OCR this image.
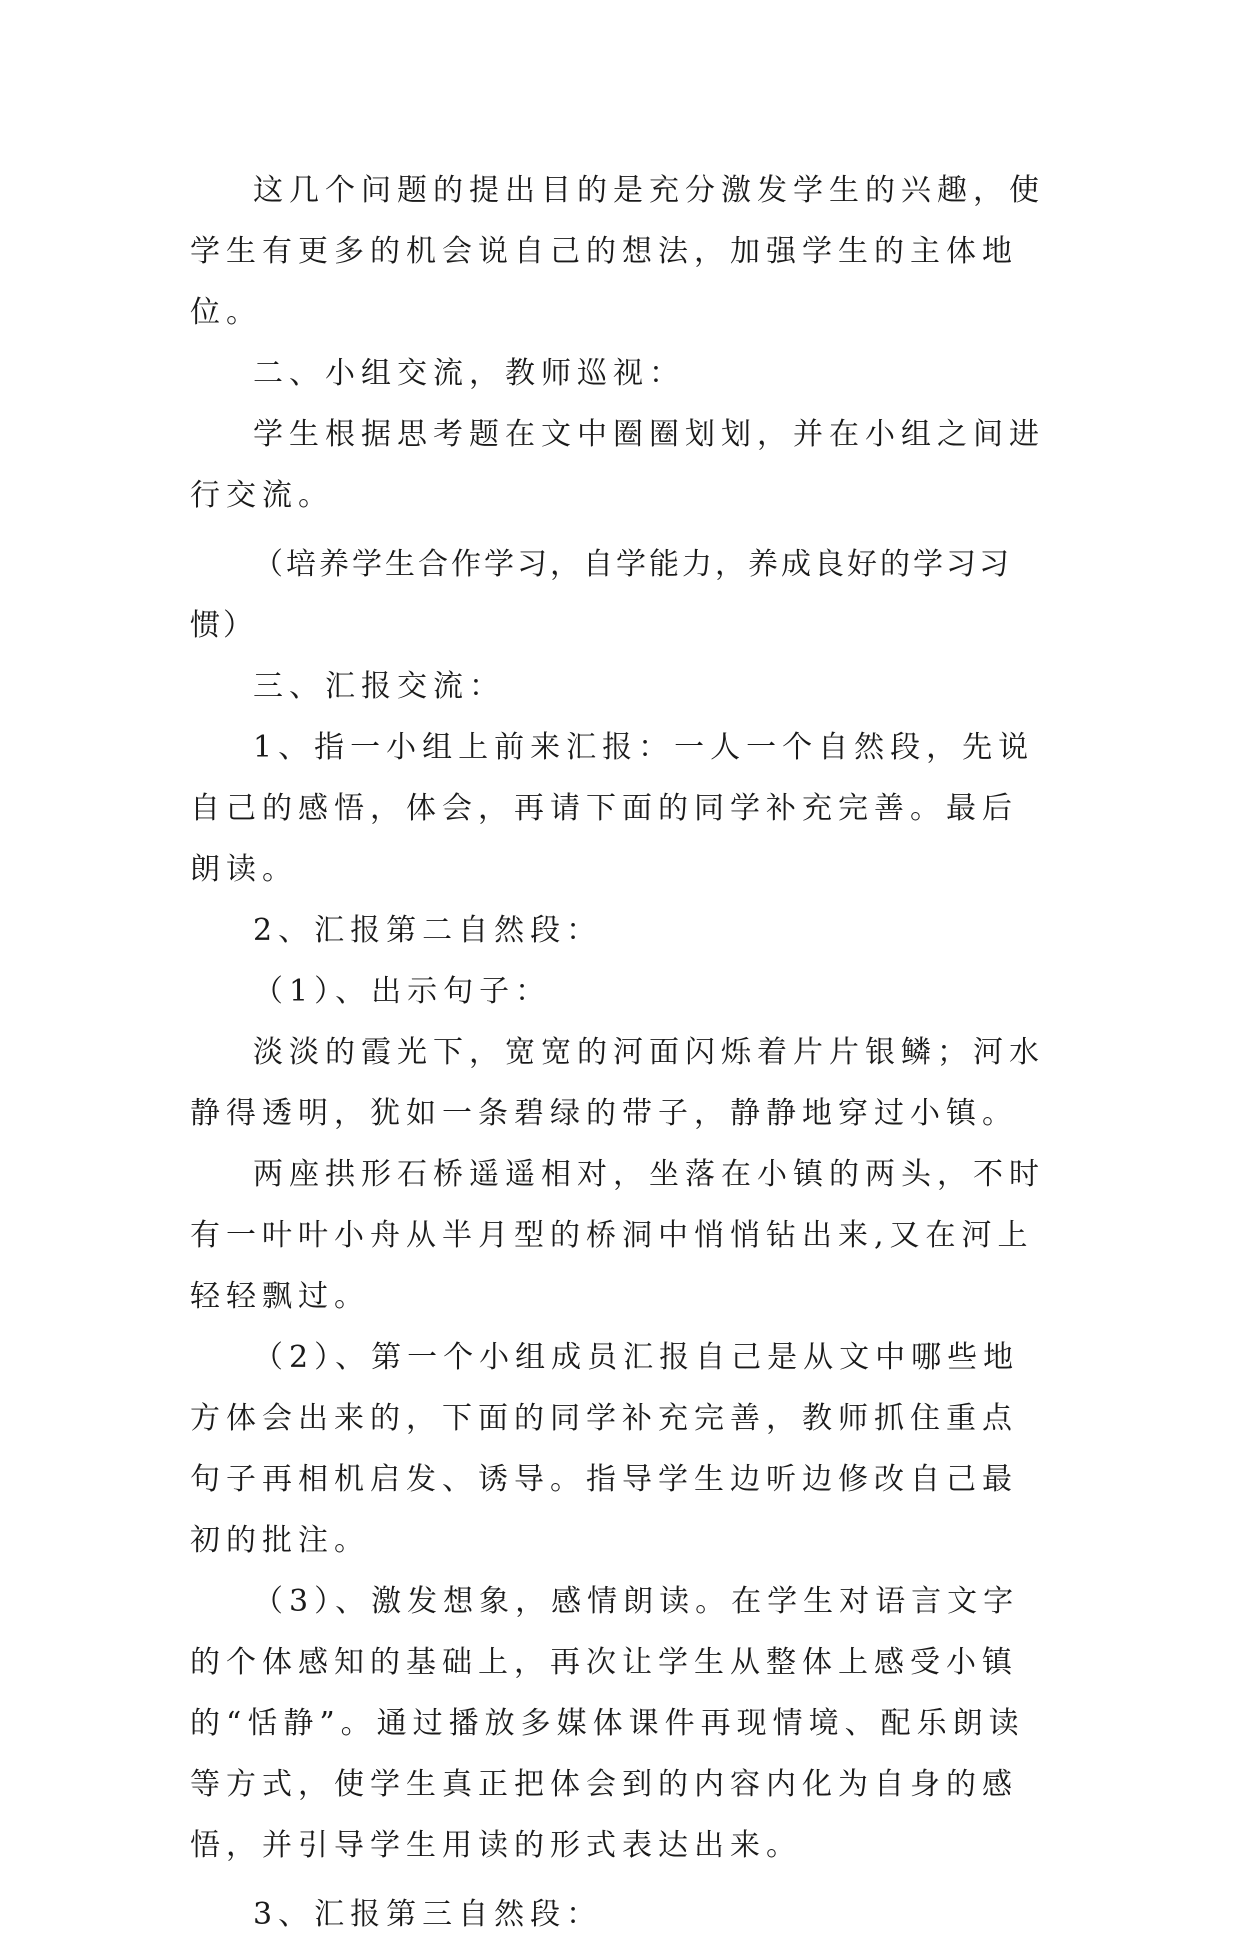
这几个问题的提出目的是充分激发学生的兴趣，使学生有更多的机会说自己的想法，加强学生的主体地位。

二、小组交流，教师巡视：

学生根据思考题在文中圈圈划划，并在小组之间进行交流。

（培养学生合作学习，自学能力，养成良好的学习习惯）

三、汇报交流：

1、指一小组上前来汇报：一人一个自然段，先说自己的感悟，体会，再请下面的同学补充完善。最后朗读。

2、汇报第二自然段：

（1）、出示句子：

淡淡的霞光下，宽宽的河面闪烁着片片银鳞；河水静得透明，犹如一条碧绿的带子，静静地穿过小镇。

两座拱形石桥遥遥相对，坐落在小镇的两头，不时有一叶叶小舟从半月型的桥洞中悄悄钻出来,又在河上轻轻飘过。

（2）、第一个小组成员汇报自己是从文中哪些地方体会出来的，下面的同学补充完善，教师抓住重点句子再相机启发、诱导。指导学生边听边修改自己最初的批注。

（3）、激发想象，感情朗读。在学生对语言文字的个体感知的基础上，再次让学生从整体上感受小镇的“恬静”。通过播放多媒体课件再现情境、配乐朗读等方式，使学生真正把体会到的内容内化为自身的感悟，并引导学生用读的形式表达出来。

3、汇报第三自然段：
